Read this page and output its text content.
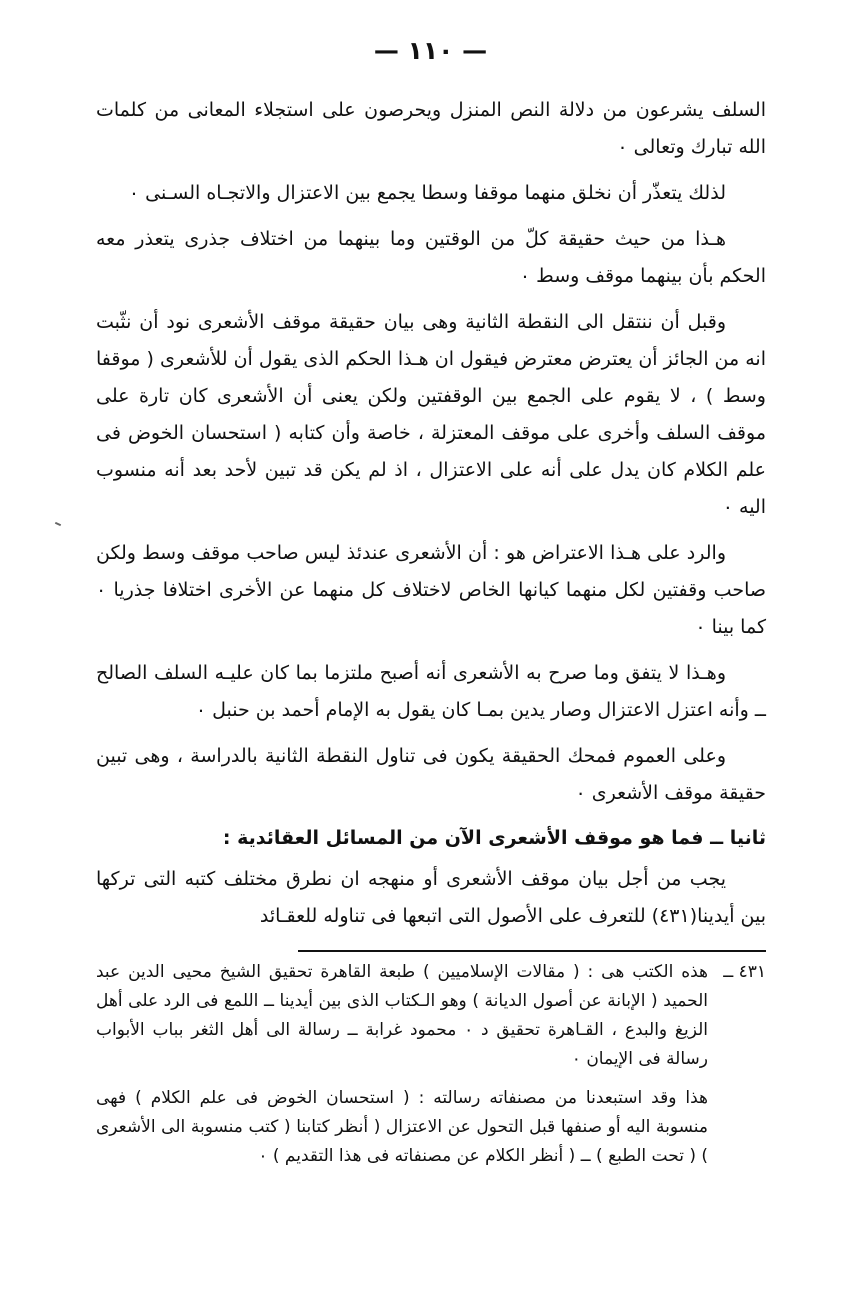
— ١١٠ —

السلف يشرعون من دلالة النص المنزل ويحرصون على استجلاء المعانى من كلمات الله تبارك وتعالى ٠

لذلك يتعذّر أن نخلق منهما موقفا وسطا يجمع بين الاعتزال والاتجـاه السـنى ٠

هـذا من حيث حقيقة كلّ من الوقتين وما بينهما من اختلاف جذرى يتعذر معه الحكم بأن بينهما موقف وسط ٠

وقبل أن ننتقل الى النقطة الثانية وهى بيان حقيقة موقف الأشعرى نود أن نثّبت انه من الجائز أن يعترض معترض فيقول ان هـذا الحكم الذى يقول أن للأشعرى ( موقفا وسط ) ، لا يقوم على الجمع بين الوقفتين ولكن يعنى أن الأشعرى كان تارة على موقف السلف وأخرى على موقف المعتزلة ، خاصة وأن كتابه ( استحسان الخوض فى علم الكلام كان يدل على أنه على الاعتزال ، اذ لم يكن قد تبين لأحد بعد أنه منسوب اليه ٠

والرد على هـذا الاعتراض هو : أن الأشعرى عندئذ ليس صاحب موقف وسط ولكن صاحب وقفتين لكل منهما كيانها الخاص لاختلاف كل منهما عن الأخرى اختلافا جذريا ٠ كما بينا ٠

وهـذا لا يتفق وما صرح به الأشعرى أنه أصبح ملتزما بما كان عليـه السلف الصالح ــ وأنه اعتزل الاعتزال وصار يدين بمـا كان يقول به الإمام أحمد بن حنبل ٠

وعلى العموم فمحك الحقيقة يكون فى تناول النقطة الثانية بالدراسة ، وهى تبين حقيقة موقف الأشعرى ٠

ثانيا ــ فما هو موقف الأشعرى الآن من المسائل العقائدية :

يجب من أجل بيان موقف الأشعرى أو منهجه ان نطرق مختلف كتبه التى تركها بين أيدينا(٤٣١) للتعرف على الأصول التى اتبعها فى تناوله للعقـائد

٤٣١ ــ
هذه الكتب هى : ( مقالات الإسلاميين ) طبعة القاهرة تحقيق الشيخ محيى الدين عبد الحميد ( الإبانة عن أصول الديانة ) وهو الـكتاب الذى بين أيدينا ــ اللمع فى الرد على أهل الزيغ والبدع ، القـاهرة تحقيق د ٠ محمود غرابة ــ رسالة الى أهل الثغر بباب الأبواب رسالة فى الإيمان ٠

هذا وقد استبعدنا من مصنفاته رسالته : ( استحسان الخوض فى علم الكلام ) فهى منسوبة اليه أو صنفها قبل التحول عن الاعتزال ( أنظر كتابنا ( كتب منسوبة الى الأشعرى ) ( تحت الطبع ) ــ ( أنظر الكلام عن مصنفاته فى هذا التقديم ) ٠
